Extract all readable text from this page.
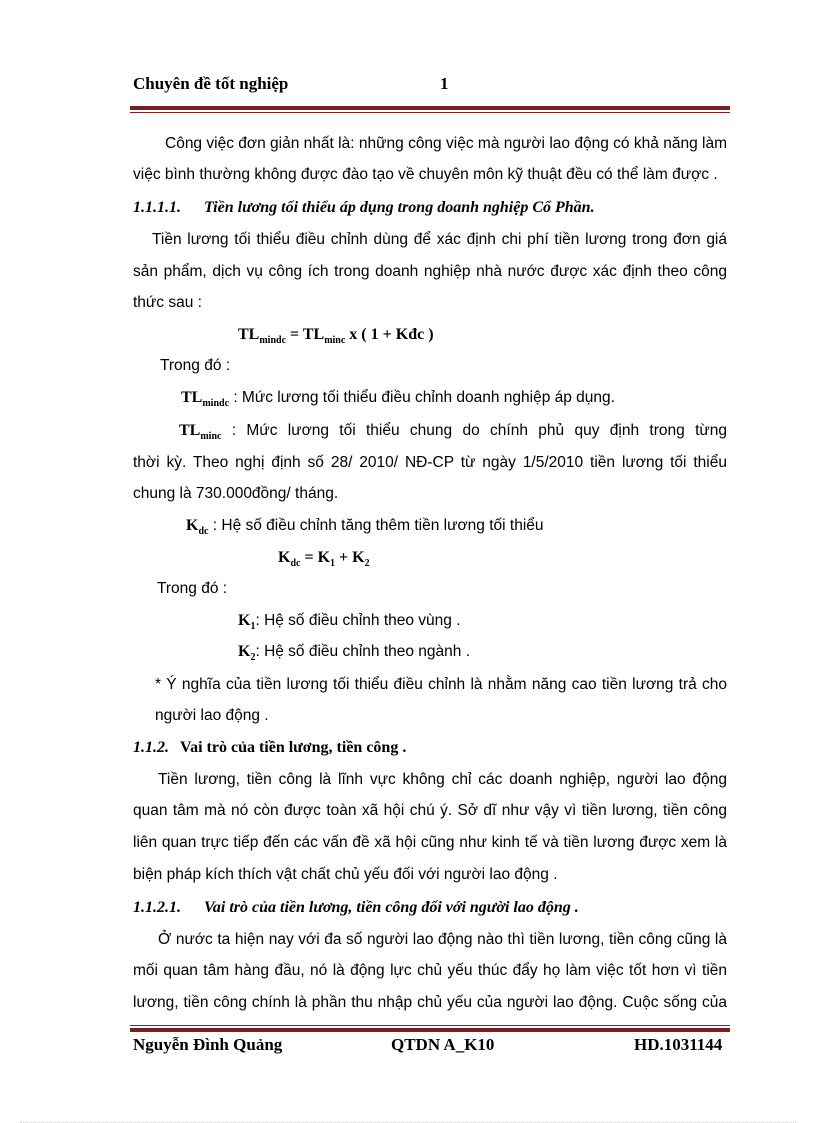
Chuyên đề tốt nghiệp	1
Công việc đơn giản nhất là: những công việc mà người lao động có khả năng làm
việc bình thường không được đào tạo về chuyên môn kỹ thuật đều có thể làm được .
1.1.1.1. Tiền lương tối thiểu áp dụng trong doanh nghiệp Cổ Phần.
Tiền lương tối thiểu điều chỉnh dùng để xác định chi phí tiền lương trong đơn giá
sản phẩm, dịch vụ công ích trong doanh nghiệp nhà nước được xác định theo công
thức sau :
$TL_{mindc} = TL_{minc}$ x ( 1 + Kđc )
Trong đó :
$TL_{mindc}$ : Mức lương tối thiểu điều chỉnh doanh nghiệp áp dụng.
$TL_{minc}$ : Mức lương tối thiểu chung do chính phủ quy định trong từng
thời kỳ. Theo nghị định số 28/ 2010/ NĐ-CP từ ngày 1/5/2010 tiền lương tối thiểu
chung là 730.000đồng/ tháng.
$K_{dc}$ : Hệ số điều chỉnh tăng thêm tiền lương tối thiểu
$K_{dc} = K_1 + K_2$
Trong đó :
$K_1$: Hệ số điều chỉnh theo vùng .
$K_2$: Hệ số điều chỉnh theo ngành .
* Ý nghĩa của tiền lương tối thiểu điều chỉnh là nhằm năng cao tiền lương trả cho
người lao động .
1.1.2. Vai trò của tiền lương, tiền công .
Tiền lương, tiền công là lĩnh vực không chỉ các doanh nghiệp, người lao động
quan tâm mà nó còn được toàn xã hội chú ý. Sở dĩ như vậy vì tiền lương, tiền công
liên quan trực tiếp đến các vấn đề xã hội cũng như kinh tế và tiền lương được xem là
biện pháp kích thích vật chất chủ yếu đối với người lao động .
1.1.2.1. Vai trò của tiền lương, tiền công đối với người lao động .
Ở nước ta hiện nay với đa số người lao động nào thì tiền lương, tiền công cũng là
mối quan tâm hàng đầu, nó là động lực chủ yếu thúc đẩy họ làm việc tốt hơn vì tiền
lương, tiền công chính là phần thu nhập chủ yếu của người lao động. Cuộc sống của
Nguyễn Đình Quảng	QTDN A_K10	HD.1031144
